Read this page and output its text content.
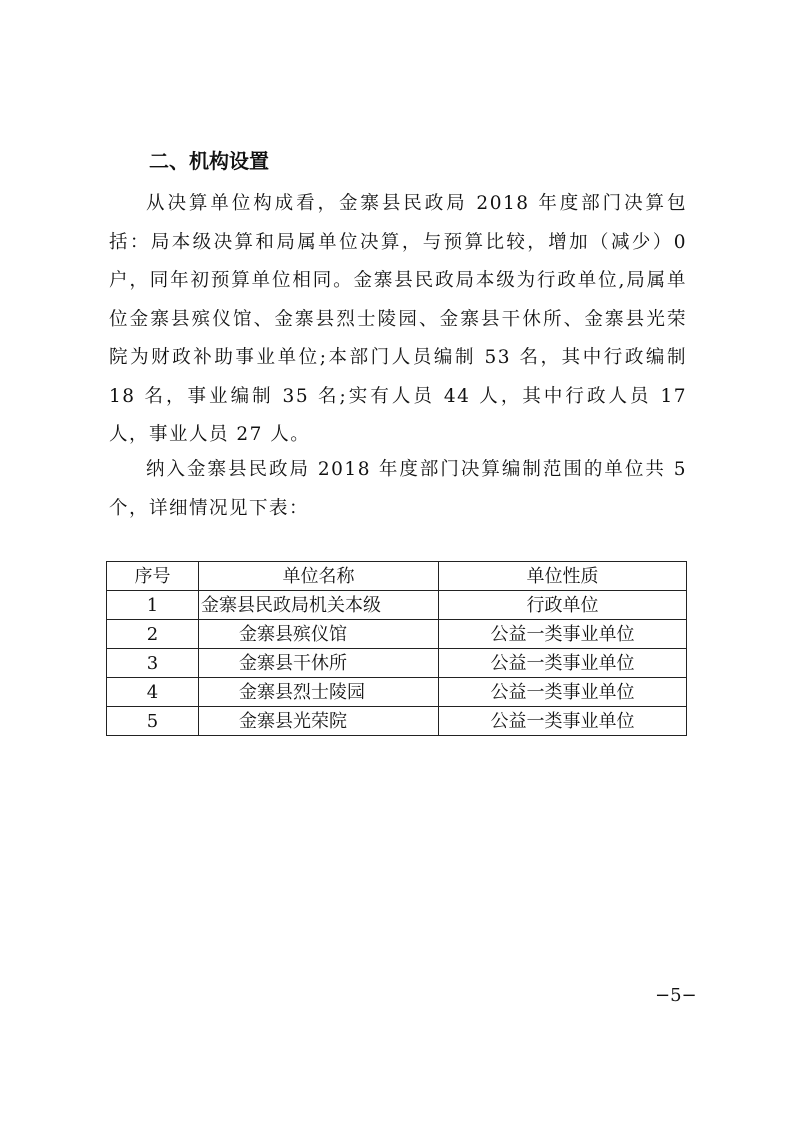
二、机构设置

从决算单位构成看，金寨县民政局 2018 年度部门决算包括：局本级决算和局属单位决算，与预算比较，增加（减少）0 户，同年初预算单位相同。金寨县民政局本级为行政单位,局属单位金寨县殡仪馆、金寨县烈士陵园、金寨县干休所、金寨县光荣院为财政补助事业单位;本部门人员编制 53 名，其中行政编制 18 名，事业编制 35 名;实有人员 44 人，其中行政人员 17 人，事业人员 27 人。

纳入金寨县民政局 2018 年度部门决算编制范围的单位共 5 个，详细情况见下表：

序号	单位名称	单位性质
1	金寨县民政局机关本级	行政单位
2	金寨县殡仪馆	公益一类事业单位
3	金寨县干休所	公益一类事业单位
4	金寨县烈士陵园	公益一类事业单位
5	金寨县光荣院	公益一类事业单位

−5−
